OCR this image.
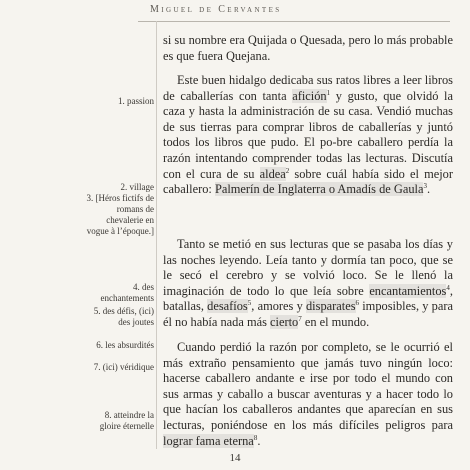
Miguel de Cervantes
1. passion
2. village
3. [Héros fictifs de romans de chevalerie en vogue à l’époque.]
4. des enchantements
5. des défis, (ici) des joutes
6. les absurdités
7. (ici) véridique
8. atteindre la gloire éternelle

si su nombre era Quijada o Quesada, pero lo más probable es que fuera Quejana.

Este buen hidalgo dedicaba sus ratos libres a leer libros de caballerías con tanta afición$^1$ y gusto, que olvidó la caza y hasta la administración de su casa. Vendió muchas de sus tierras para comprar libros de caballerías y juntó todos los libros que pudo. El po-bre caballero perdía la razón intentando comprender todas las lecturas. Discutía con el cura de su aldea$^2$ sobre cuál había sido el mejor caballero: Palmerín de Inglaterra o Amadís de Gaula$^3$.

Tanto se metió en sus lecturas que se pasaba los días y las noches leyendo. Leía tanto y dormía tan poco, que se le secó el cerebro y se volvió loco. Se le llenó la imaginación de todo lo que leía sobre encantamientos$^4$, batallas, desafíos$^5$, amores y disparates$^6$ imposibles, y para él no había nada más cierto$^7$ en el mundo.

Cuando perdió la razón por completo, se le ocurrió el más extraño pensamiento que jamás tuvo ningún loco: hacerse caballero andante e irse por todo el mundo con sus armas y caballo a buscar aventuras y a hacer todo lo que hacían los caballeros andantes que aparecían en sus lecturas, poniéndose en los más difíciles peligros para lograr fama eterna$^8$.

14
